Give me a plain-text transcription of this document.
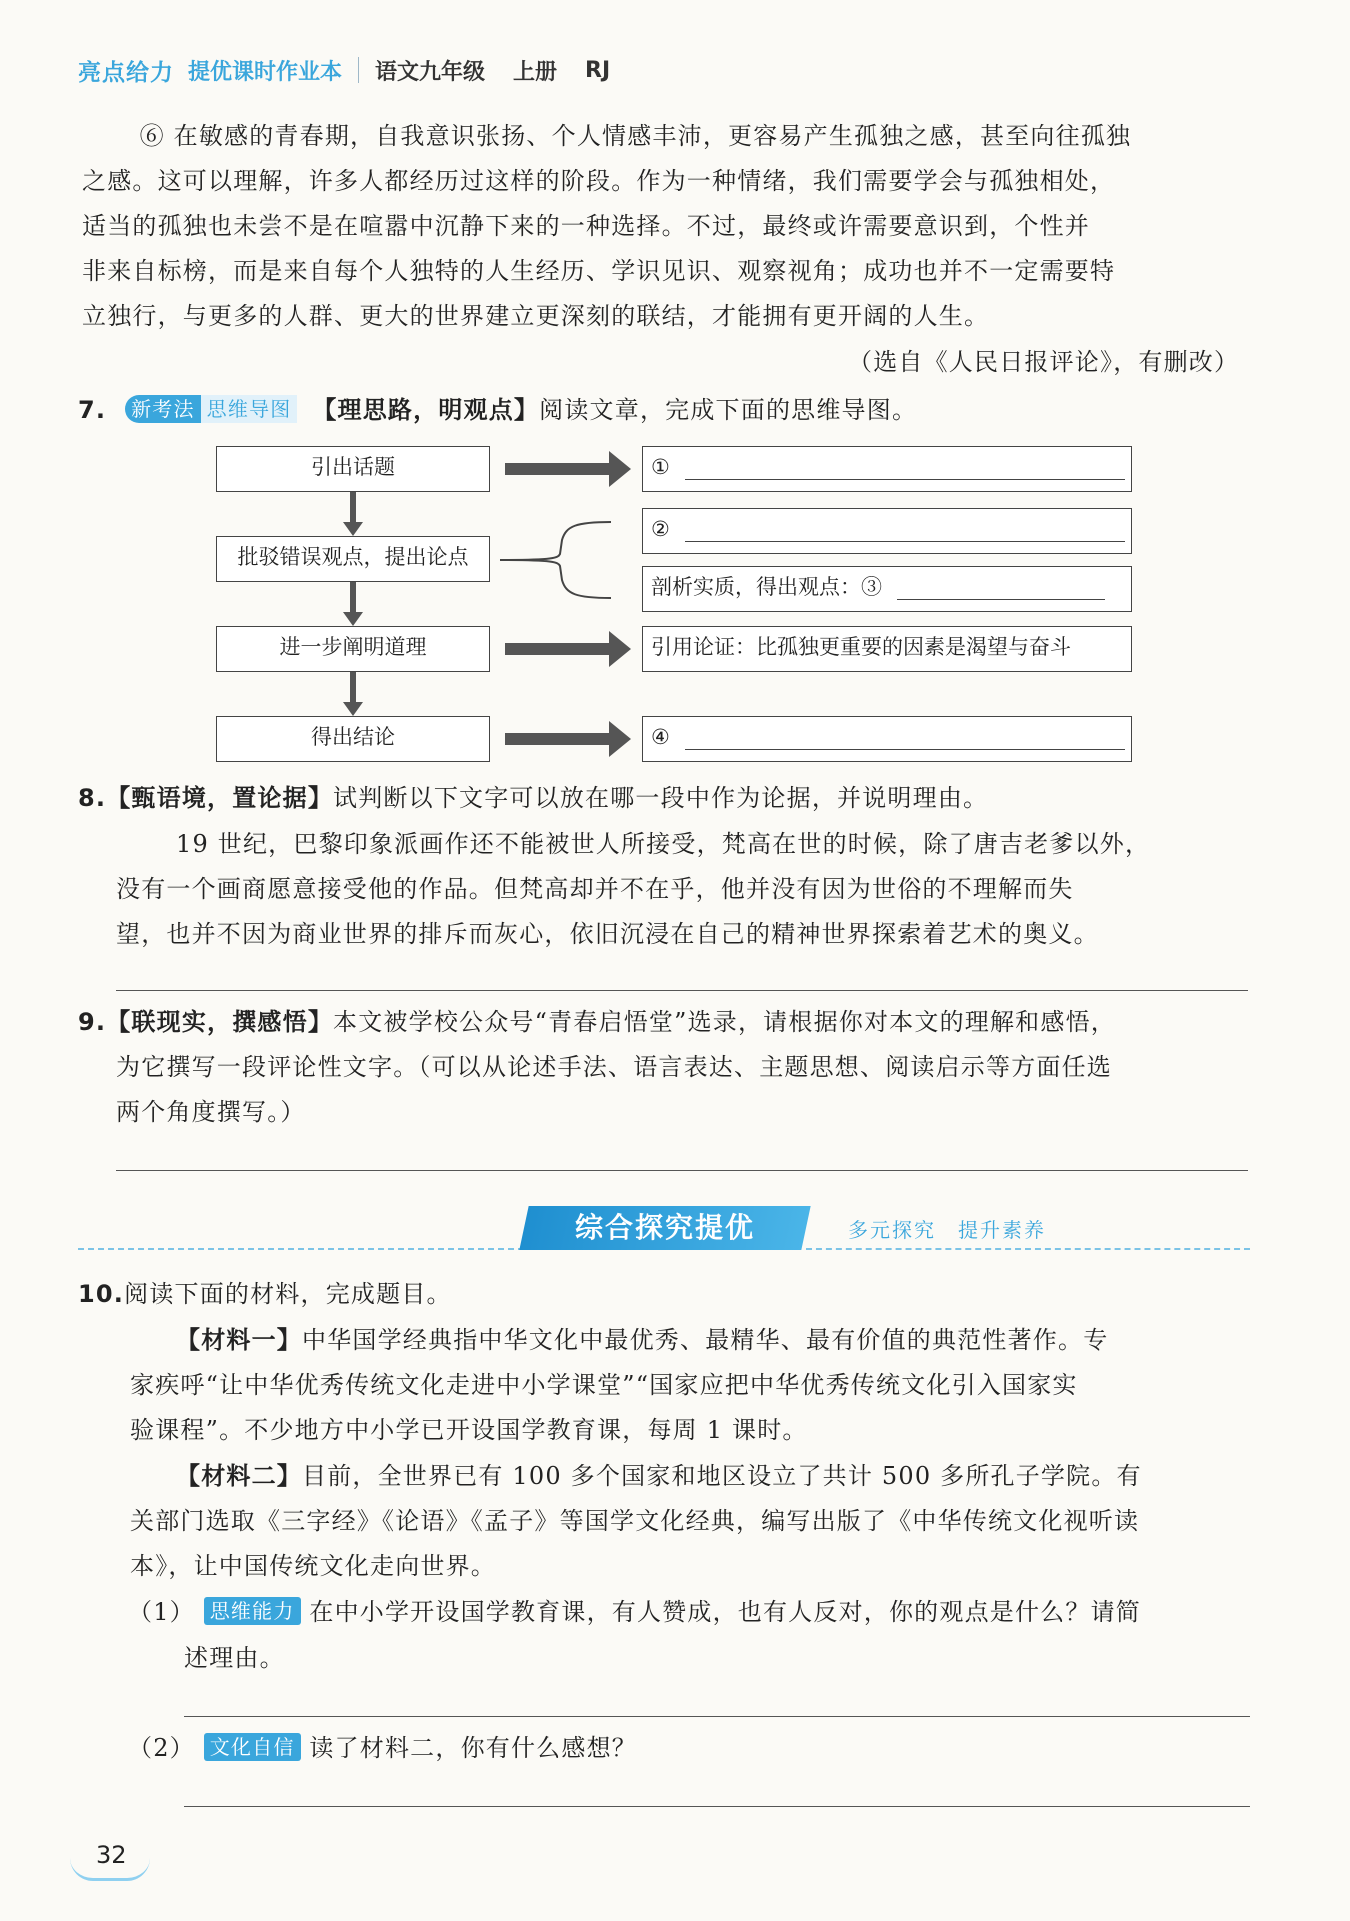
亮点给力 提优课时作业本 语文九年级 上册 RJ

⑥ 在敏感的青春期，自我意识张扬、个人情感丰沛，更容易产生孤独之感，甚至向往孤独

之感。这可以理解，许多人都经历过这样的阶段。作为一种情绪，我们需要学会与孤独相处，

适当的孤独也未尝不是在喧嚣中沉静下来的一种选择。不过，最终或许需要意识到，个性并

非来自标榜，而是来自每个人独特的人生经历、学识见识、观察视角；成功也并不一定需要特

立独行，与更多的人群、更大的世界建立更深刻的联结，才能拥有更开阔的人生。

（选自《人民日报评论》，有删改）

7. 新考法 思维导图 【理思路，明观点】阅读文章，完成下面的思维导图。
引出话题
批驳错误观点，提出论点
进一步阐明道理
得出结论
①
②
剖析实质，得出观点：③
引用论证：比孤独更重要的因素是渴望与奋斗
④
8.【甄语境，置论据】试判断以下文字可以放在哪一段中作为论据，并说明理由。

19 世纪，巴黎印象派画作还不能被世人所接受，梵高在世的时候，除了唐吉老爹以外，

没有一个画商愿意接受他的作品。但梵高却并不在乎，他并没有因为世俗的不理解而失

望，也并不因为商业世界的排斥而灰心，依旧沉浸在自己的精神世界探索着艺术的奥义。

9.【联现实，撰感悟】本文被学校公众号“青春启悟堂”选录，请根据你对本文的理解和感悟，

为它撰写一段评论性文字。（可以从论述手法、语言表达、主题思想、阅读启示等方面任选

两个角度撰写。）

综合探究提优	多元探究　提升素养
10.阅读下面的材料，完成题目。
【材料一】中华国学经典指中华文化中最优秀、最精华、最有价值的典范性著作。专

家疾呼“让中华优秀传统文化走进中小学课堂”“国家应把中华优秀传统文化引入国家实

验课程”。不少地方中小学已开设国学教育课，每周 1 课时。

【材料二】目前，全世界已有 100 多个国家和地区设立了共计 500 多所孔子学院。有

关部门选取《三字经》《论语》《孟子》等国学文化经典，编写出版了《中华传统文化视听读

本》，让中国传统文化走向世界。

（1） 思维能力 在中小学开设国学教育课，有人赞成，也有人反对，你的观点是什么？请简

述理由。

（2） 文化自信 读了材料二，你有什么感想？
32
